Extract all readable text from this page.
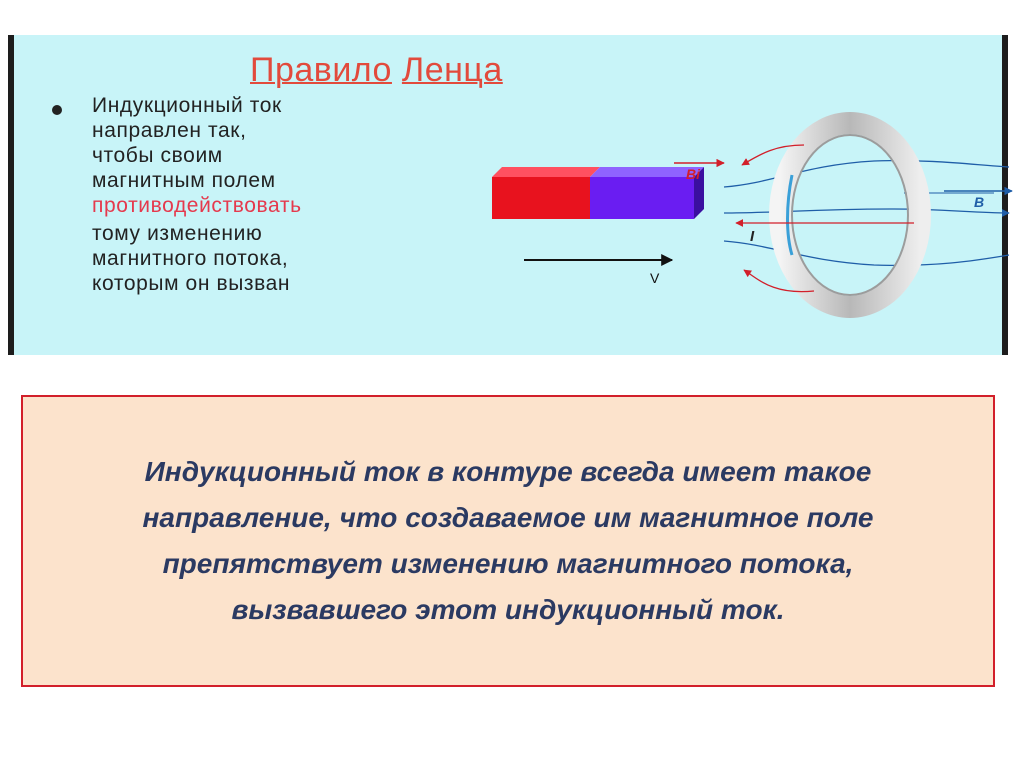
Правило Ленца
Индукционный ток
направлен так,
чтобы своим
магнитным полем
противодействовать
тому изменению
магнитного потока,
которым он вызван	V
B
Bi
I

Индукционный ток в контуре всегда имеет такое
направление, что создаваемое им магнитное поле
препятствует изменению магнитного потока,
вызвавшего этот индукционный ток.
